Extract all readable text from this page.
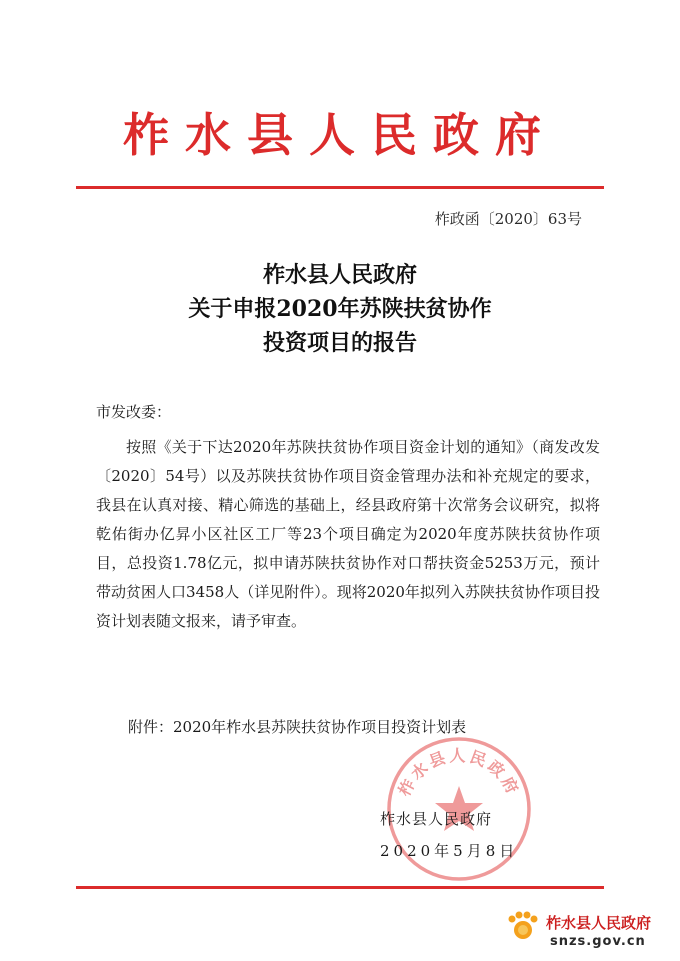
柞水县人民政府
柞政函〔2020〕63号
柞水县人民政府
关于申报2020年苏陕扶贫协作
投资项目的报告
市发改委：
按照《关于下达2020年苏陕扶贫协作项目资金计划的通知》（商发改发〔2020〕54号）以及苏陕扶贫协作项目资金管理办法和补充规定的要求，我县在认真对接、精心筛选的基础上，经县政府第十次常务会议研究，拟将乾佑街办亿昇小区社区工厂等23个项目确定为2020年度苏陕扶贫协作项目，总投资1.78亿元，拟申请苏陕扶贫协作对口帮扶资金5253万元，预计带动贫困人口3458人（详见附件）。现将2020年拟列入苏陕扶贫协作项目投资计划表随文报来，请予审查。
附件：2020年柞水县苏陕扶贫协作项目投资计划表
柞水县人民政府
柞水县人民政府
2020年5月8日
柞水县人民政府
snzs.gov.cn
